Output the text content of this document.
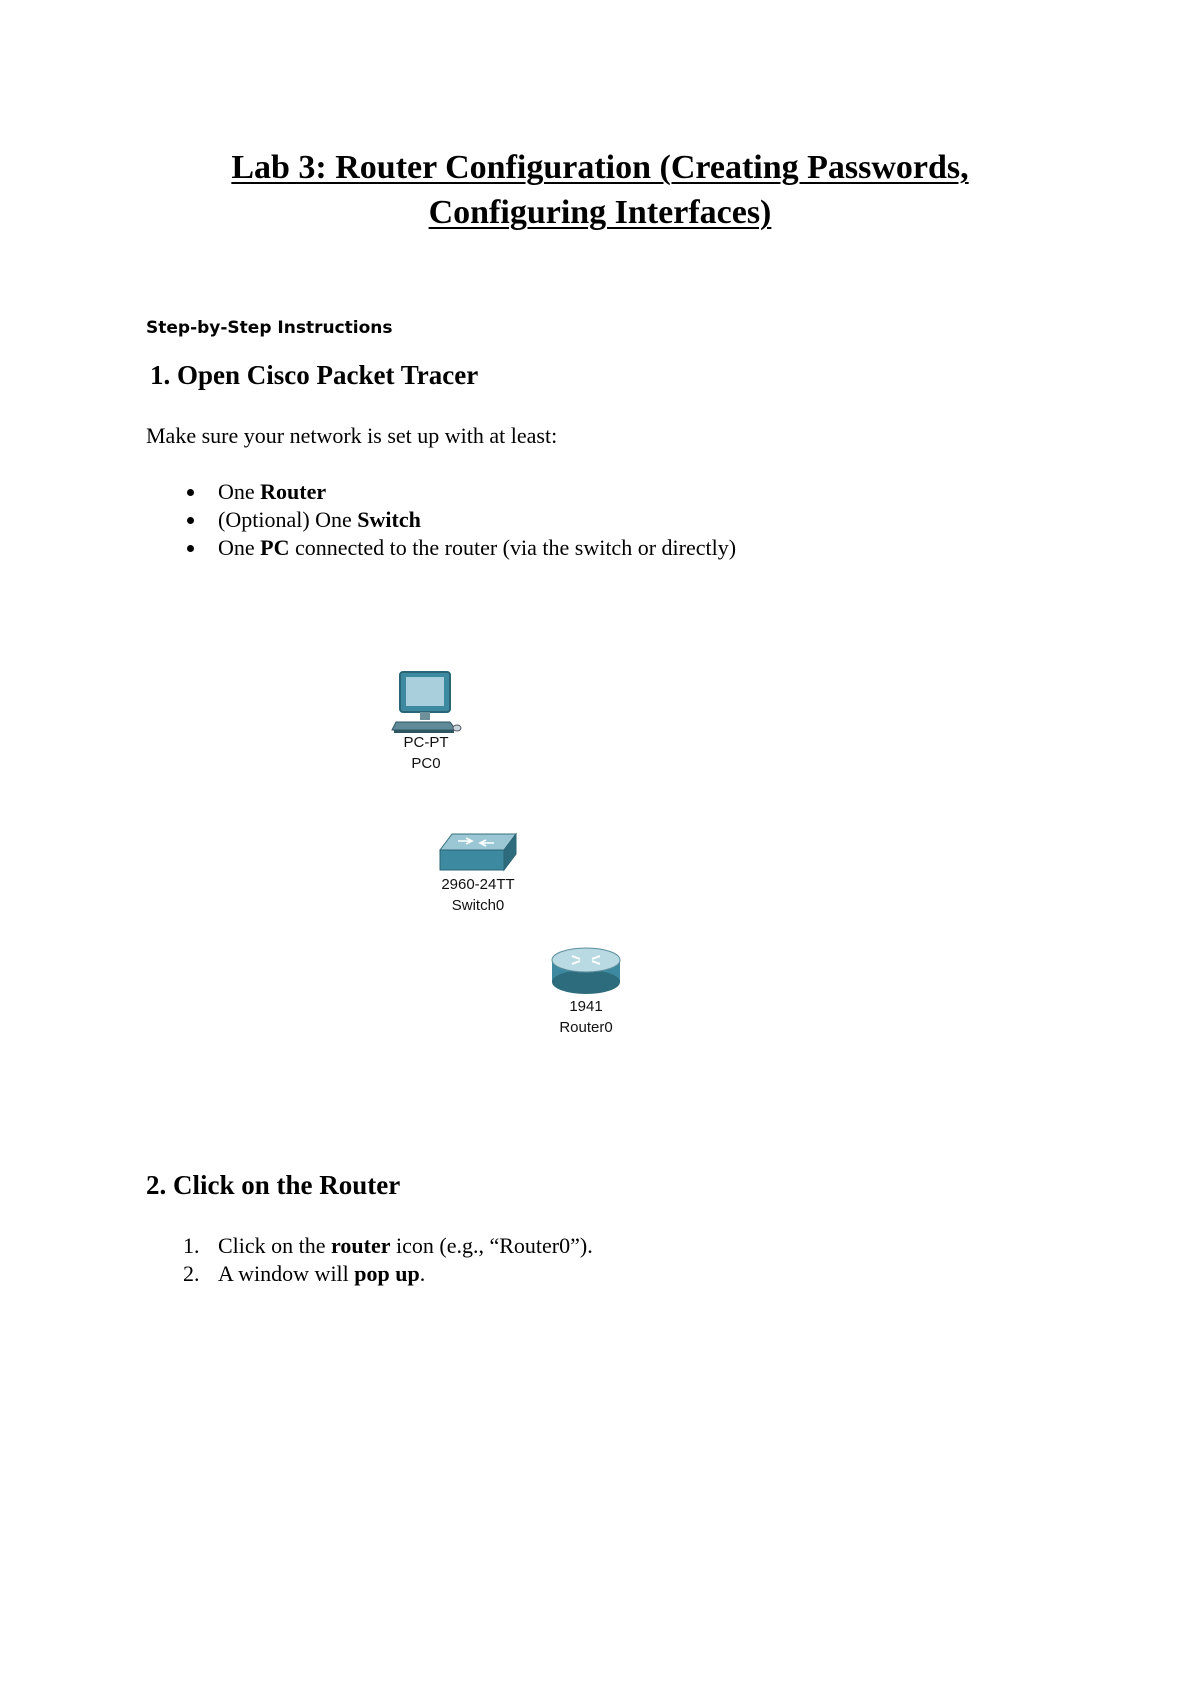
Lab 3: Router Configuration (Creating Passwords,
Configuring Interfaces)
Step-by-Step Instructions
1. Open Cisco Packet Tracer
Make sure your network is set up with at least:
One Router
(Optional) One Switch
One PC connected to the router (via the switch or directly)
PC-PT
PC0
2960-24TT
Switch0
1941
Router0
2. Click on the Router
1. Click on the router icon (e.g., “Router0”).
2. A window will pop up.
